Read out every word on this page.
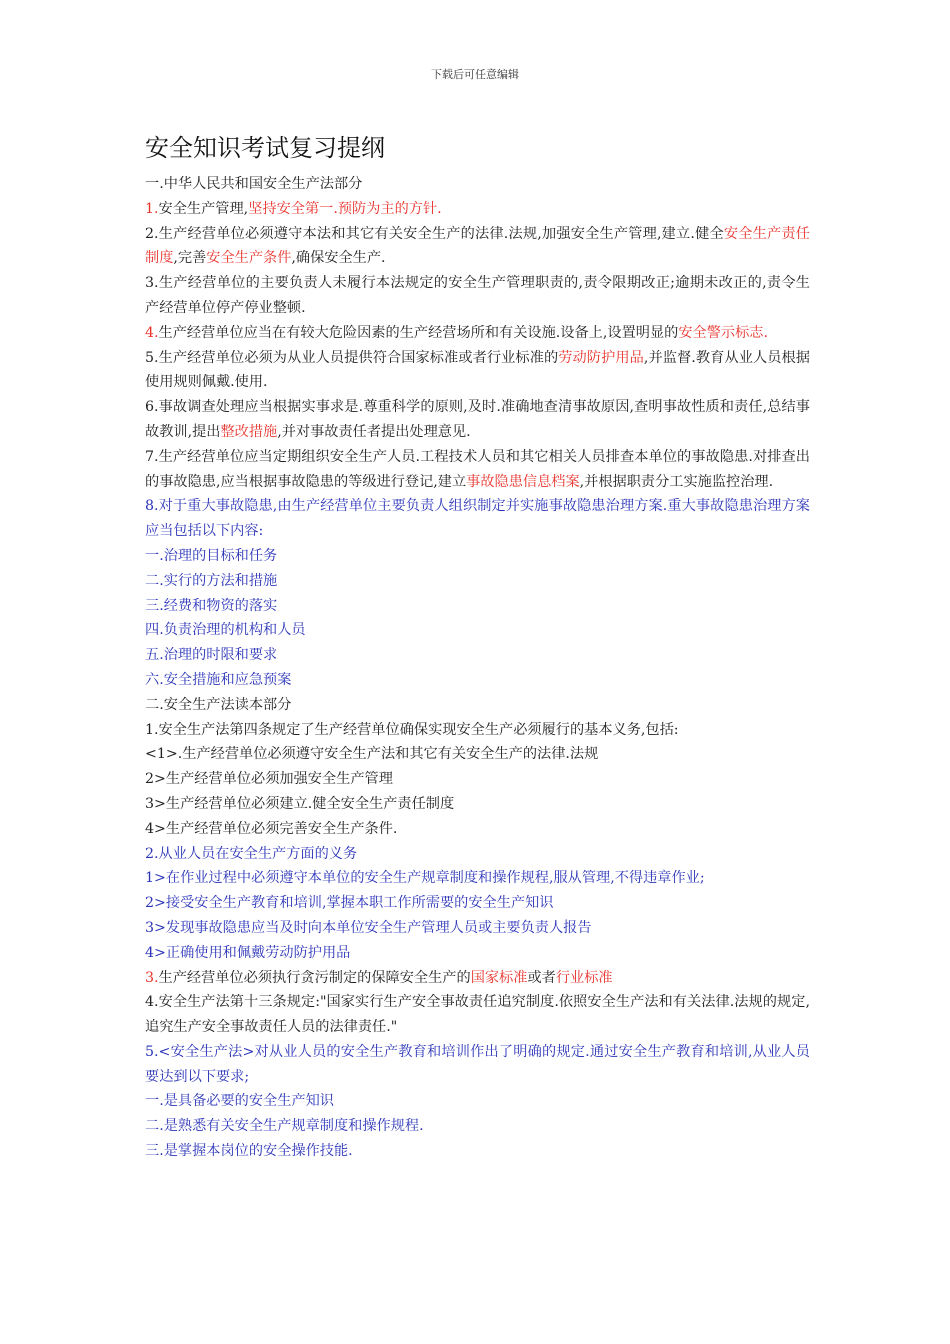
下载后可任意编辑
安全知识考试复习提纲
一.中华人民共和国安全生产法部分
1.安全生产管理,坚持安全第一.预防为主的方针.
2.生产经营单位必须遵守本法和其它有关安全生产的法律.法规,加强安全生产管理,建立.健全安全生产责任制度,完善安全生产条件,确保安全生产.
3.生产经营单位的主要负责人未履行本法规定的安全生产管理职责的,责令限期改正;逾期未改正的,责令生产经营单位停产停业整顿.
4.生产经营单位应当在有较大危险因素的生产经营场所和有关设施.设备上,设置明显的安全警示标志.
5.生产经营单位必须为从业人员提供符合国家标准或者行业标准的劳动防护用品,并监督.教育从业人员根据使用规则佩戴.使用.
6.事故调查处理应当根据实事求是.尊重科学的原则,及时.准确地查清事故原因,查明事故性质和责任,总结事故教训,提出整改措施,并对事故责任者提出处理意见.
7.生产经营单位应当定期组织安全生产人员.工程技术人员和其它相关人员排查本单位的事故隐患.对排查出的事故隐患,应当根据事故隐患的等级进行登记,建立事故隐患信息档案,并根据职责分工实施监控治理.
8.对于重大事故隐患,由生产经营单位主要负责人组织制定并实施事故隐患治理方案.重大事故隐患治理方案应当包括以下内容:
一.治理的目标和任务
二.实行的方法和措施
三.经费和物资的落实
四.负责治理的机构和人员
五.治理的时限和要求
六.安全措施和应急预案
二.安全生产法读本部分
1.安全生产法第四条规定了生产经营单位确保实现安全生产必须履行的基本义务,包括:
<1>.生产经营单位必须遵守安全生产法和其它有关安全生产的法律.法规
2>生产经营单位必须加强安全生产管理
3>生产经营单位必须建立.健全安全生产责任制度
4>生产经营单位必须完善安全生产条件.
2.从业人员在安全生产方面的义务
1>在作业过程中必须遵守本单位的安全生产规章制度和操作规程,服从管理,不得违章作业;
2>接受安全生产教育和培训,掌握本职工作所需要的安全生产知识
3>发现事故隐患应当及时向本单位安全生产管理人员或主要负责人报告
4>正确使用和佩戴劳动防护用品
3.生产经营单位必须执行贪污制定的保障安全生产的国家标准或者行业标准
4.安全生产法第十三条规定:"国家实行生产安全事故责任追究制度.依照安全生产法和有关法律.法规的规定,追究生产安全事故责任人员的法律责任."
5.<安全生产法>对从业人员的安全生产教育和培训作出了明确的规定.通过安全生产教育和培训,从业人员要达到以下要求;
一.是具备必要的安全生产知识
二.是熟悉有关安全生产规章制度和操作规程.
三.是掌握本岗位的安全操作技能.
